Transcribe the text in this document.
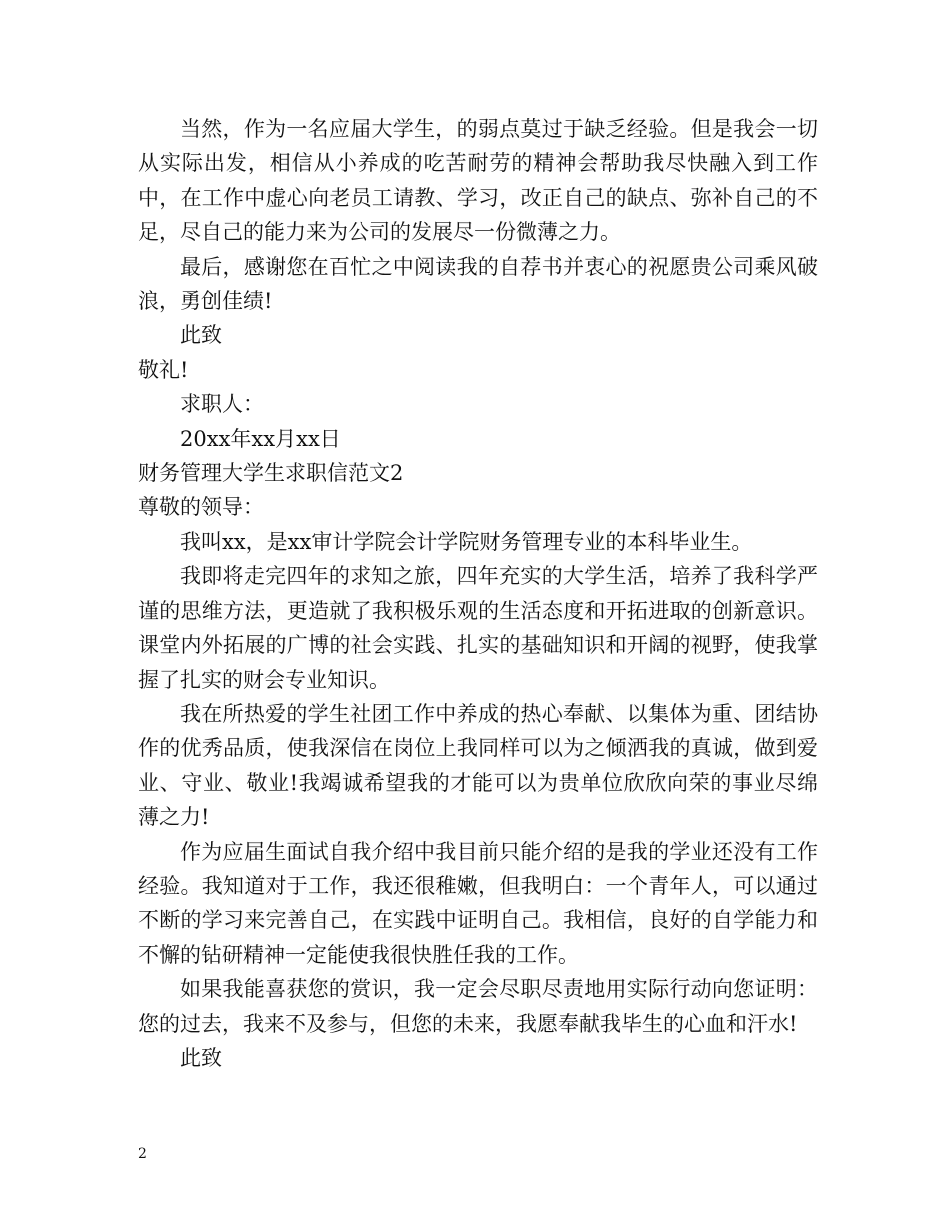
当然，作为一名应届大学生，的弱点莫过于缺乏经验。但是我会一切从实际出发，相信从小养成的吃苦耐劳的精神会帮助我尽快融入到工作中，在工作中虚心向老员工请教、学习，改正自己的缺点、弥补自己的不足，尽自己的能力来为公司的发展尽一份微薄之力。

最后，感谢您在百忙之中阅读我的自荐书并衷心的祝愿贵公司乘风破浪，勇创佳绩!

此致

敬礼!

求职人：

20xx年xx月xx日

财务管理大学生求职信范文2

尊敬的领导：

我叫xx，是xx审计学院会计学院财务管理专业的本科毕业生。

我即将走完四年的求知之旅，四年充实的大学生活，培养了我科学严谨的思维方法，更造就了我积极乐观的生活态度和开拓进取的创新意识。课堂内外拓展的广博的社会实践、扎实的基础知识和开阔的视野，使我掌握了扎实的财会专业知识。

我在所热爱的学生社团工作中养成的热心奉献、以集体为重、团结协作的优秀品质，使我深信在岗位上我同样可以为之倾洒我的真诚，做到爱业、守业、敬业!我竭诚希望我的才能可以为贵单位欣欣向荣的事业尽绵薄之力!

作为应届生面试自我介绍中我目前只能介绍的是我的学业还没有工作经验。我知道对于工作，我还很稚嫩，但我明白：一个青年人，可以通过不断的学习来完善自己，在实践中证明自己。我相信，良好的自学能力和不懈的钻研精神一定能使我很快胜任我的工作。

如果我能喜获您的赏识，我一定会尽职尽责地用实际行动向您证明：您的过去，我来不及参与，但您的未来，我愿奉献我毕生的心血和汗水!

此致

2
